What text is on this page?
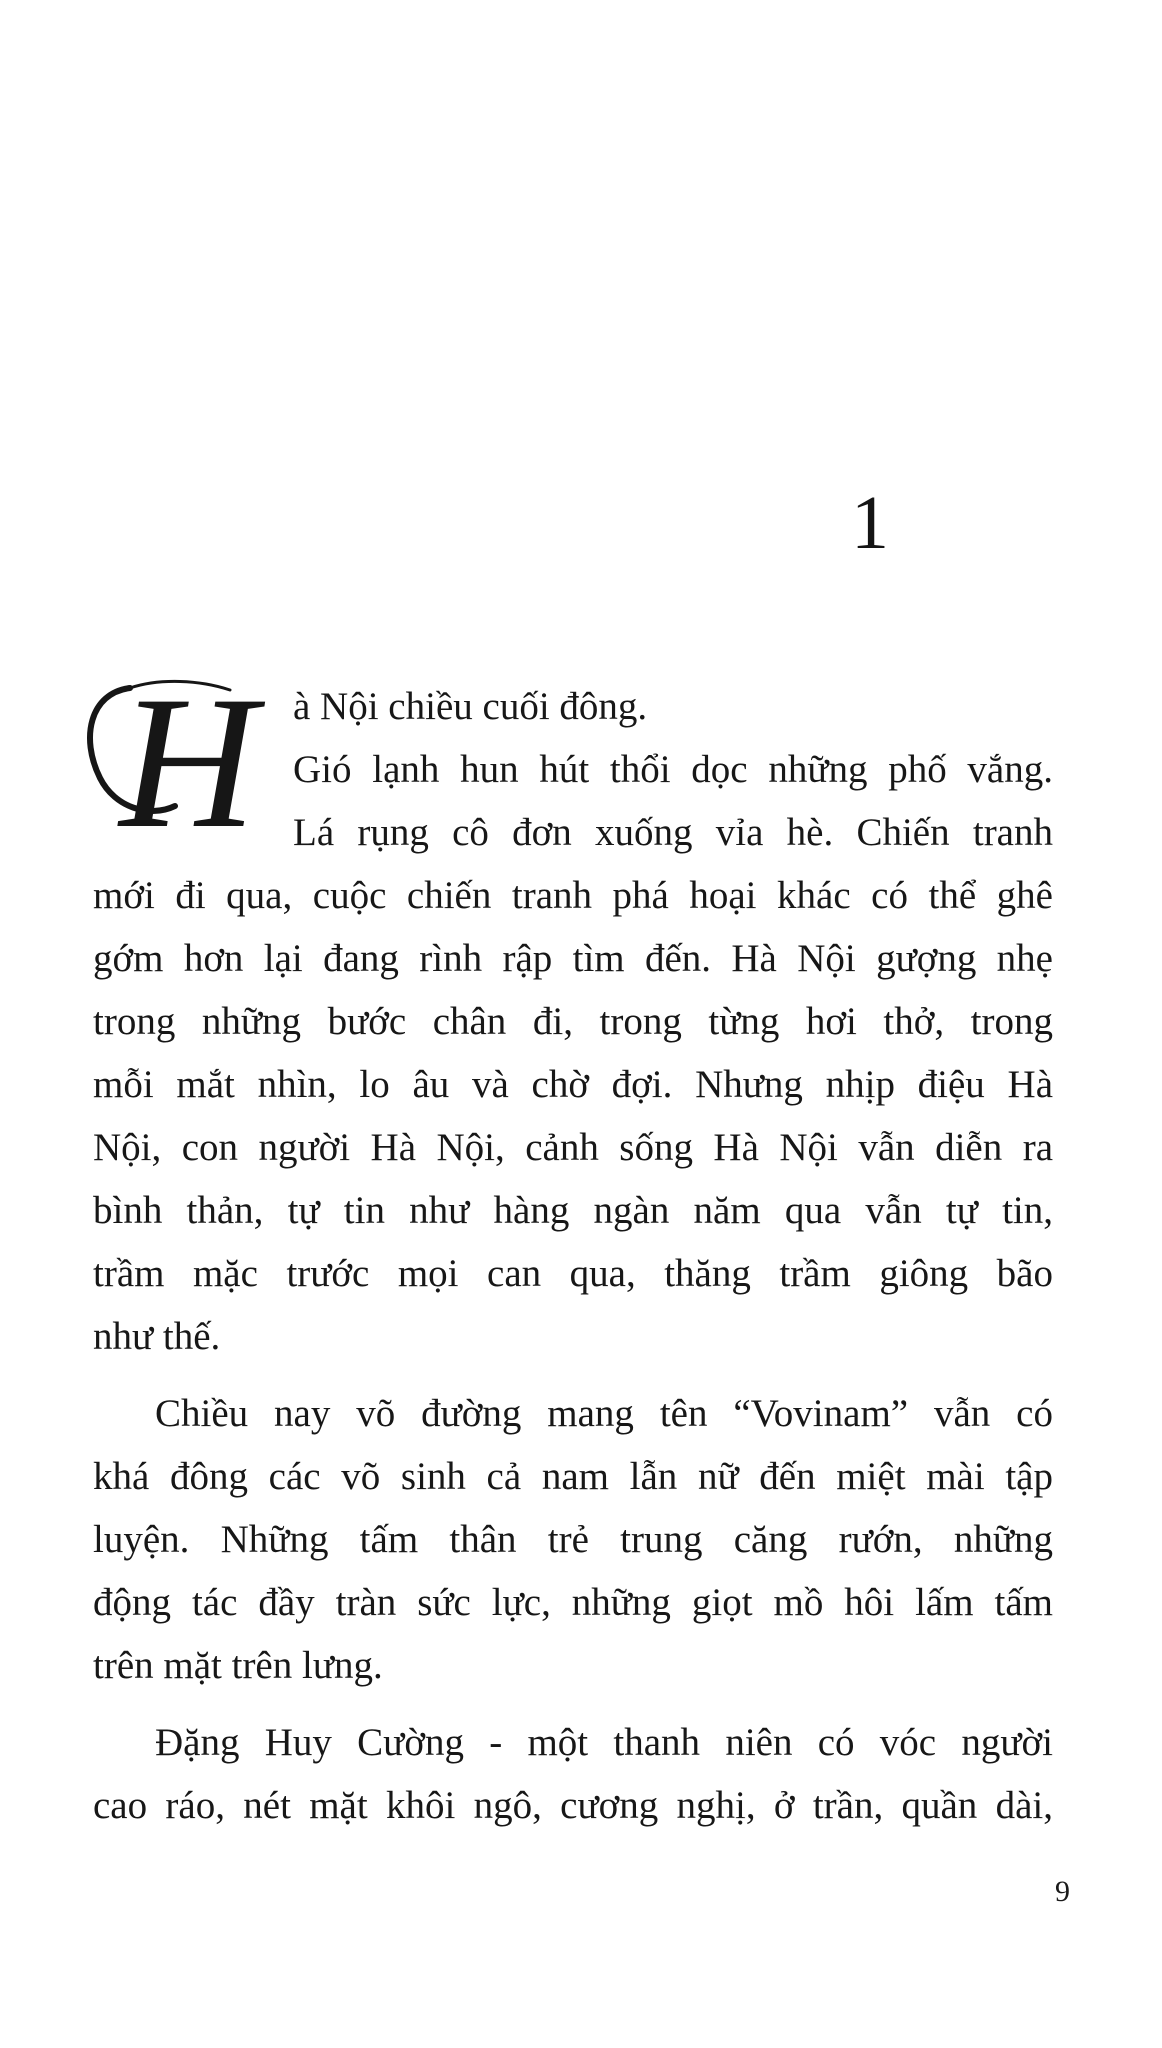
1
H à Nội chiều cuối đông.
Gió lạnh hun hút thổi dọc những phố vắng.
Lá rụng cô đơn xuống vỉa hè. Chiến tranh
mới đi qua, cuộc chiến tranh phá hoại khác có thể ghê
gớm hơn lại đang rình rập tìm đến. Hà Nội gượng nhẹ
trong những bước chân đi, trong từng hơi thở, trong
mỗi mắt nhìn, lo âu và chờ đợi. Nhưng nhịp điệu Hà
Nội, con người Hà Nội, cảnh sống Hà Nội vẫn diễn ra
bình thản, tự tin như hàng ngàn năm qua vẫn tự tin,
trầm mặc trước mọi can qua, thăng trầm giông bão
như thế.
Chiều nay võ đường mang tên “Vovinam” vẫn có
khá đông các võ sinh cả nam lẫn nữ đến miệt mài tập
luyện. Những tấm thân trẻ trung căng rướn, những
động tác đầy tràn sức lực, những giọt mồ hôi lấm tấm
trên mặt trên lưng.
Đặng Huy Cường - một thanh niên có vóc người
cao ráo, nét mặt khôi ngô, cương nghị, ở trần, quần dài,
9
